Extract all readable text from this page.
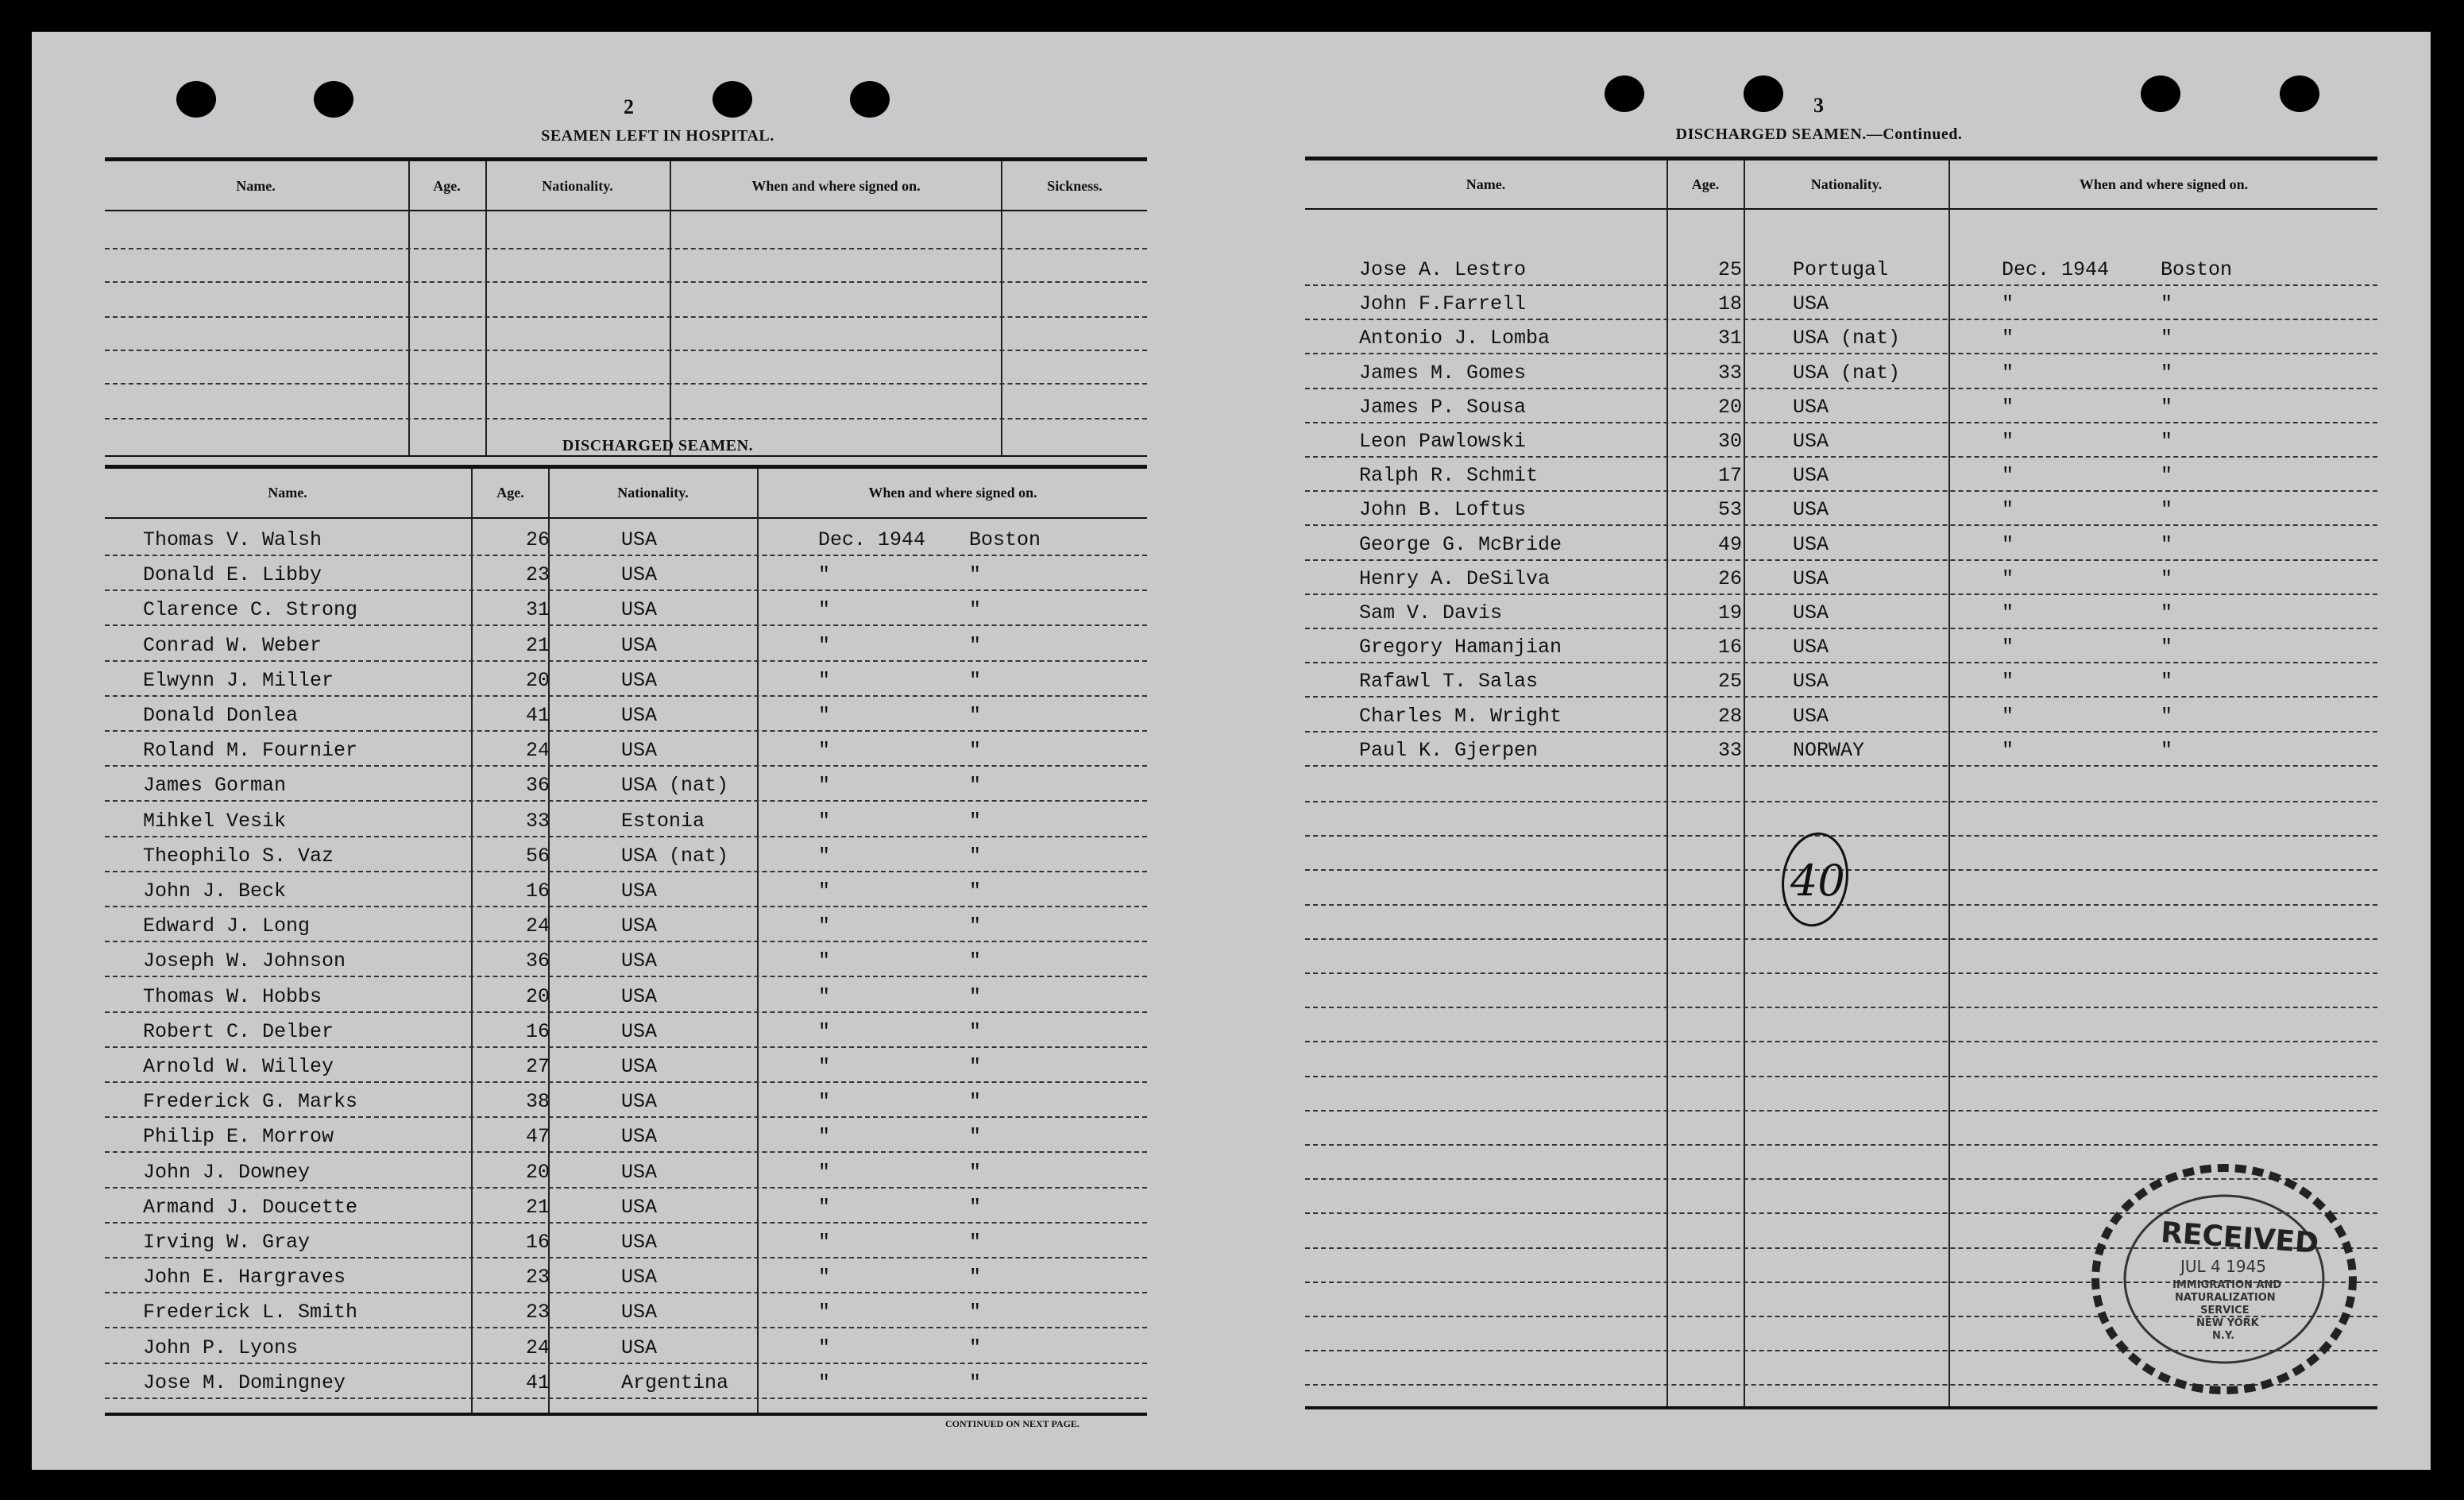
2
SEAMEN LEFT IN HOSPITAL.
Name.	Age.	Nationality.	When and where signed on.	Sickness.
DISCHARGED SEAMEN.
Name.	Age.	Nationality.	When and where signed on.
Thomas V. Walsh	26	USA	Dec. 1944 Boston
Donald E. Libby	23	USA	"	"
Clarence C. Strong	31	USA	"	"
Conrad W. Weber	21	USA	"	"
Elwynn J. Miller	20	USA	"	"
Donald Donlea	41	USA	"	"
Roland M. Fournier	24	USA	"	"
James Gorman	36	USA (nat)	"	"
Mihkel Vesik	33	Estonia	"	"
Theophilo S. Vaz	56	USA (nat)	"	"
John J. Beck	16	USA	"	"
Edward J. Long	24	USA	"	"
Joseph W. Johnson	36	USA	"	"
Thomas W. Hobbs	20	USA	"	"
Robert C. Delber	16	USA	"	"
Arnold W. Willey	27	USA	"	"
Frederick G. Marks	38	USA	"	"
Philip E. Morrow	47	USA	"	"
John J. Downey	20	USA	"	"
Armand J. Doucette	21	USA	"	"
Irving W. Gray	16	USA	"	"
John E. Hargraves	23	USA	"	"
Frederick L. Smith	23	USA	"	"
John P. Lyons	24	USA	"	"
Jose M. Domingney	41	Argentina	"	"
CONTINUED ON NEXT PAGE.
3
DISCHARGED SEAMEN.—Continued.
Name.	Age.	Nationality.	When and where signed on.
Jose A. Lestro	25	Portugal	Dec. 1944	Boston
John F.Farrell	18	USA	"	"
Antonio J. Lomba	31	USA (nat)	"	"
James M. Gomes	33	USA (nat)	"	"
James P. Sousa	20	USA	"	"
Leon Pawlowski	30	USA	"	"
Ralph R. Schmit	17	USA	"	"
John B. Loftus	53	USA	"	"
George G. McBride	49	USA	"	"
Henry A. DeSilva	26	USA	"	"
Sam V. Davis	19	USA	"	"
Gregory Hamanjian	16	USA	"	"
Rafawl T. Salas	25	USA	"	"
Charles M. Wright	28	USA	"	"
Paul K. Gjerpen	33	NORWAY	"	"
40
RECEIVED
JUL 4 1945
IMMIGRATION AND
NATURALIZATION
SERVICE
NEW YORK
N.Y.
